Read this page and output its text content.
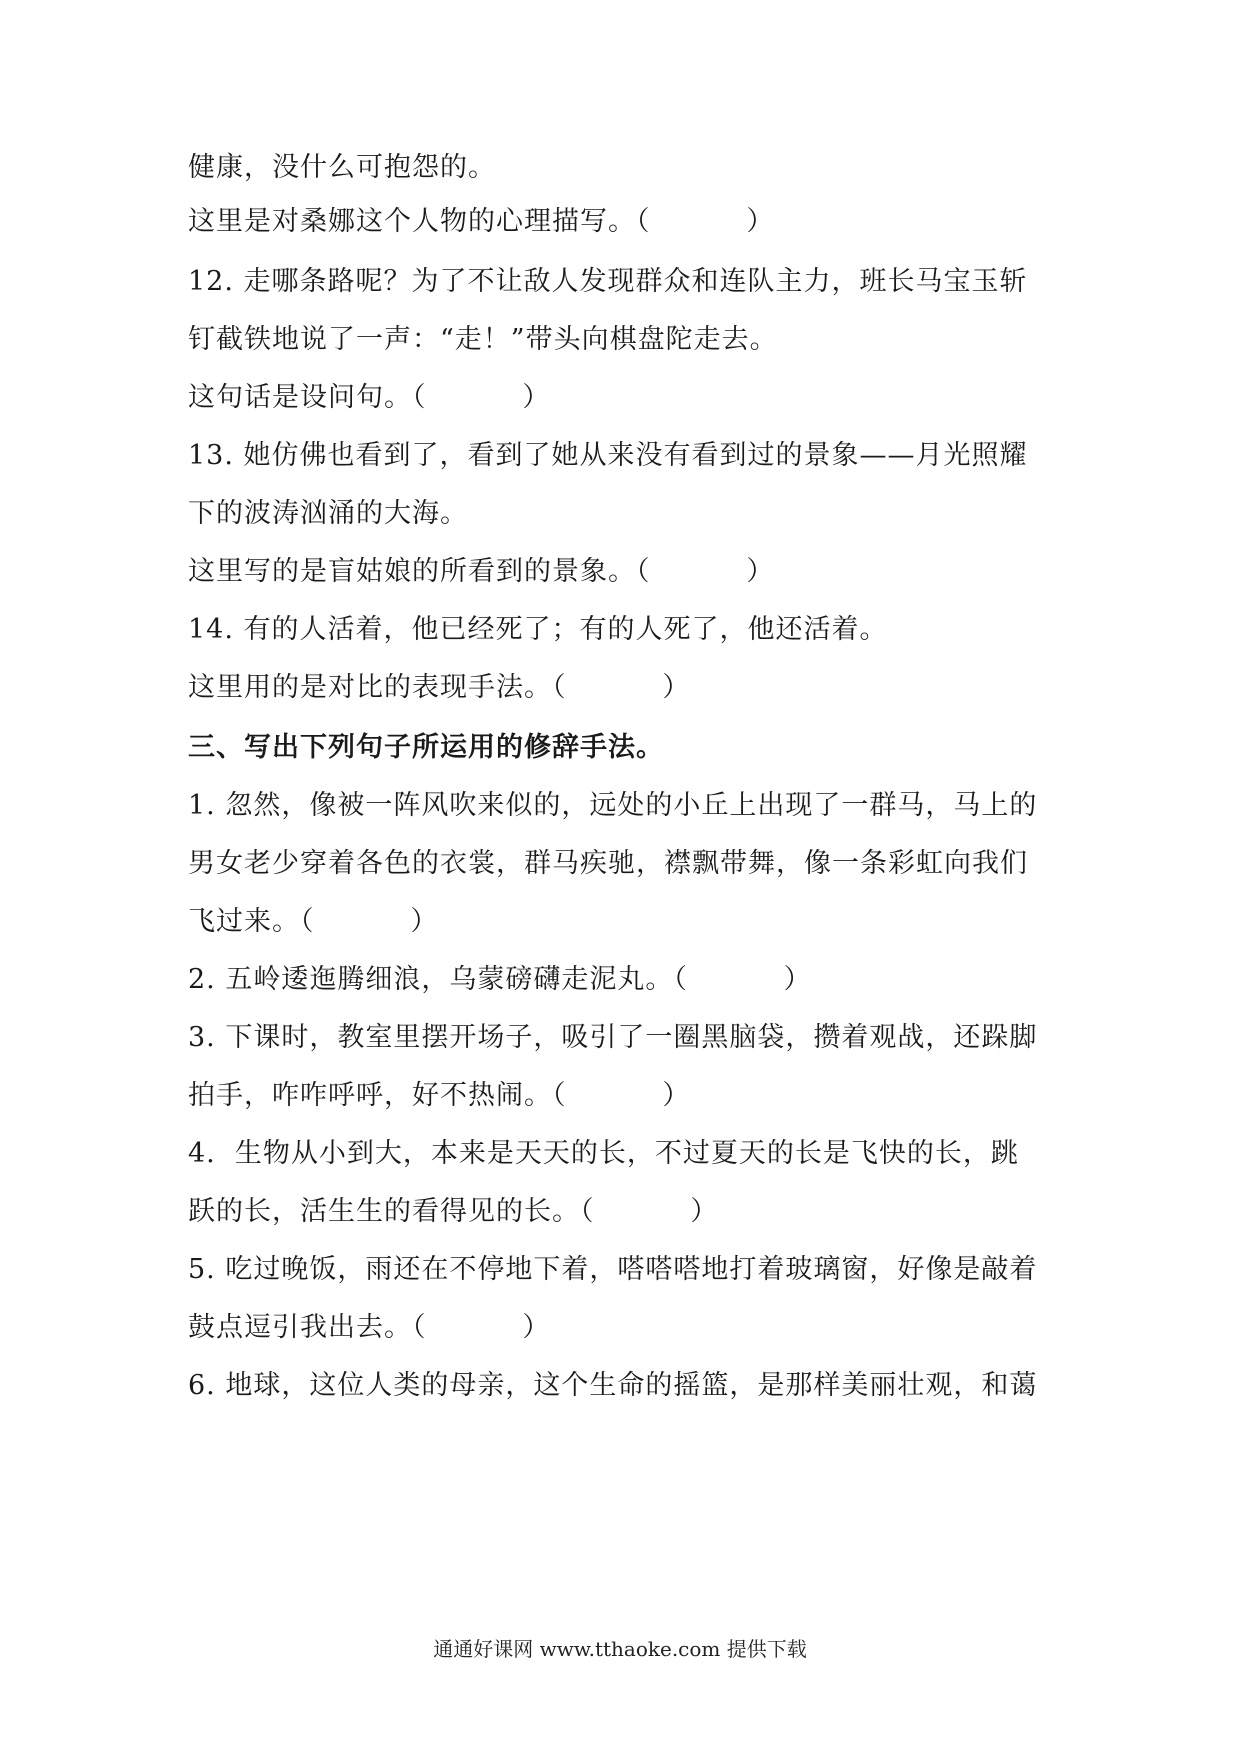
健康，没什么可抱怨的。
这里是对桑娜这个人物的心理描写。（          ）
12. 走哪条路呢？为了不让敌人发现群众和连队主力，班长马宝玉斩
钉截铁地说了一声：“走！”带头向棋盘陀走去。
这句话是设问句。（          ）
13. 她仿佛也看到了，看到了她从来没有看到过的景象——月光照耀
下的波涛汹涌的大海。
这里写的是盲姑娘的所看到的景象。（          ）
14. 有的人活着，他已经死了；有的人死了，他还活着。
这里用的是对比的表现手法。（          ）
三、写出下列句子所运用的修辞手法。
1. 忽然，像被一阵风吹来似的，远处的小丘上出现了一群马，马上的
男女老少穿着各色的衣裳，群马疾驰，襟飘带舞，像一条彩虹向我们
飞过来。（          ）
2. 五岭逶迤腾细浪，乌蒙磅礴走泥丸。（          ）
3. 下课时，教室里摆开场子，吸引了一圈黑脑袋，攒着观战，还跺脚
拍手，咋咋呼呼，好不热闹。（          ）
4.  生物从小到大，本来是天天的长，不过夏天的长是飞快的长，跳
跃的长，活生生的看得见的长。（          ）
5. 吃过晚饭，雨还在不停地下着，嗒嗒嗒地打着玻璃窗，好像是敲着
鼓点逗引我出去。（          ）
6. 地球，这位人类的母亲，这个生命的摇篮，是那样美丽壮观，和蔼
通通好课网 www.tthaoke.com 提供下载
